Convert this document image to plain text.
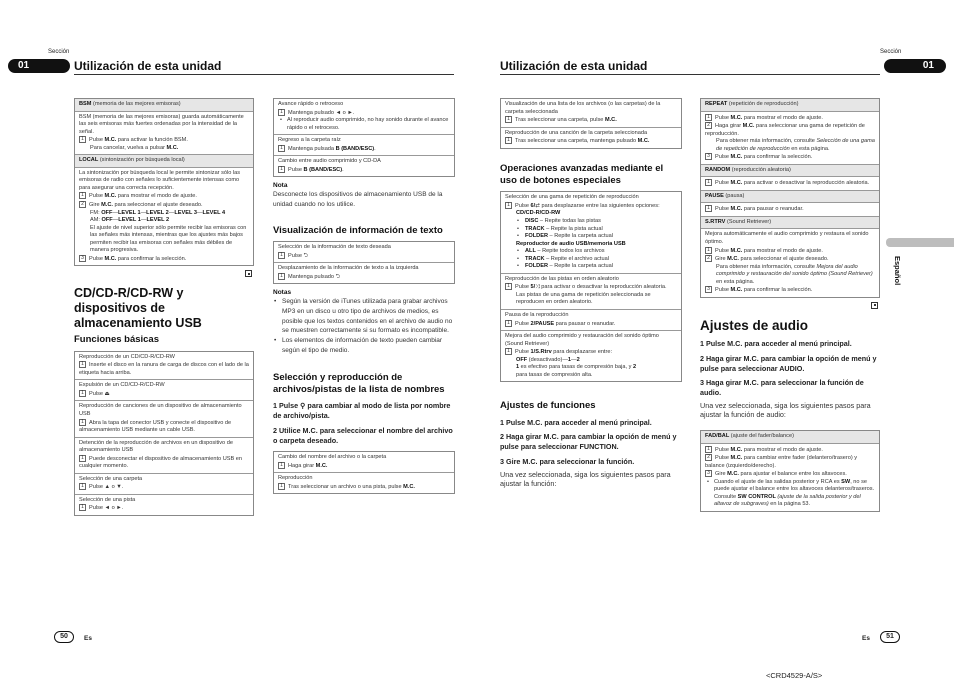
Sección
01	Utilización de esta unidad
Sección
01
Utilización de esta unidad
BSM (memoria de las mejores emisoras)
BSM (memoria de las mejores emisoras) guarda automáticamente las seis emisoras más fuertes ordenadas por la intensidad de la señal.
1 Pulse M.C. para activar la función BSM.
Para cancelar, vuelva a pulsar M.C.
LOCAL (sintonización por búsqueda local)
La sintonización por búsqueda local le permite sintonizar sólo las emisoras de radio con señales lo suficientemente intensas como para asegurar una correcta recepción.
1 Pulse M.C. para mostrar el modo de ajuste.
2 Gire M.C. para seleccionar el ajuste deseado.
FM: OFF—LEVEL 1—LEVEL 2—LEVEL 3—LEVEL 4
AM: OFF—LEVEL 1—LEVEL 2
El ajuste de nivel superior sólo permite recibir las emisoras con las señales más intensas, mientras que los ajustes más bajos permiten recibir las emisoras con señales más débiles de manera progresiva.
3 Pulse M.C. para confirmar la selección.
CD/CD-R/CD-RW y dispositivos de almacenamiento USB
Funciones básicas
Reproducción de un CD/CD-R/CD-RW
1 Inserte el disco en la ranura de carga de discos con el lado de la etiqueta hacia arriba.
Expulsión de un CD/CD-R/CD-RW
1 Pulse ⏏
Reproducción de canciones de un dispositivo de almacenamiento USB
1 Abra la tapa del conector USB y conecte el dispositivo de almacenamiento USB mediante un cable USB.
Detención de la reproducción de archivos en un dispositivo de almacenamiento USB
1 Puede desconectar el dispositivo de almacenamiento USB en cualquier momento.
Selección de una carpeta
1 Pulse ▲ o ▼.
Selección de una pista
1 Pulse ◄ o ►.
Avance rápido o retroceso
1 Mantenga pulsado ◄ o ►.
• Al reproducir audio comprimido, no hay sonido durante el avance rápido o el retroceso.
Regreso a la carpeta raíz
1 Mantenga pulsada B (BAND/ESC).
Cambio entre audio comprimido y CD-DA
1 Pulse B (BAND/ESC).
Nota
Desconecte los dispositivos de almacenamiento USB de la unidad cuando no los utilice.
Visualización de información de texto
Selección de la información de texto deseada
1 Pulse ⮌
Desplazamiento de la información de texto a la izquierda
1 Mantenga pulsado ⮌
Notas
• Según la versión de iTunes utilizada para grabar archivos MP3 en un disco u otro tipo de archivos de medios, es posible que los textos contenidos en el archivo de audio no se muestren correctamente si su formato es incompatible.
• Los elementos de información de texto pueden cambiar según el tipo de medio.
Selección y reproducción de archivos/pistas de la lista de nombres
1 Pulse ⚲ para cambiar al modo de lista por nombre de archivo/pista.
2 Utilice M.C. para seleccionar el nombre del archivo o carpeta deseado.
Cambio del nombre del archivo o la carpeta
1 Haga girar M.C.
Reproducción
1 Tras seleccionar un archivo o una pista, pulse M.C.
Visualización de una lista de los archivos (o las carpetas) de la carpeta seleccionada
1 Tras seleccionar una carpeta, pulse M.C.
Reproducción de una canción de la carpeta seleccionada
1 Tras seleccionar una carpeta, mantenga pulsado M.C.
Operaciones avanzadas mediante el uso de botones especiales
Selección de una gama de repetición de reproducción
1 Pulse 6/⇄ para desplazarse entre las siguientes opciones:
CD/CD-R/CD-RW
• DISC – Repite todas las pistas
• TRACK – Repite la pista actual
• FOLDER – Repite la carpeta actual
Reproductor de audio USB/memoria USB
• ALL – Repite todos los archivos
• TRACK – Repite el archivo actual
• FOLDER – Repite la carpeta actual
Reproducción de las pistas en orden aleatorio
1 Pulse 5/⤨ para activar o desactivar la reproducción aleatoria.
Las pistas de una gama de repetición seleccionada se reproducen en orden aleatorio.
Pausa de la reproducción
1 Pulse 2/PAUSE para pausar o reanudar.
Mejora del audio comprimido y restauración del sonido óptimo (Sound Retriever)
1 Pulse 1/S.Rtrv para desplazarse entre:
OFF (desactivado)—1—2
1 es efectivo para tasas de compresión baja, y 2
para tasas de compresión alta.
Ajustes de funciones
1 Pulse M.C. para acceder al menú principal.
2 Haga girar M.C. para cambiar la opción de menú y pulse para seleccionar FUNCTION.
3 Gire M.C. para seleccionar la función.
Una vez seleccionada, siga los siguientes pasos para ajustar la función:
REPEAT (repetición de reproducción)
1 Pulse M.C. para mostrar el modo de ajuste.
2 Haga girar M.C. para seleccionar una gama de repetición de reproducción.
Para obtener más información, consulte Selección de una gama de repetición de reproducción en esta página.
3 Pulse M.C. para confirmar la selección.
RANDOM (reproducción aleatoria)
1 Pulse M.C. para activar o desactivar la reproducción aleatoria.
PAUSE (pausa)
1 Pulse M.C. para pausar o reanudar.
S.RTRV (Sound Retriever)
Mejora automáticamente el audio comprimido y restaura el sonido óptimo.
1 Pulse M.C. para mostrar el modo de ajuste.
2 Gire M.C. para seleccionar el ajuste deseado.
Para obtener más información, consulte Mejora del audio comprimido y restauración del sonido óptimo (Sound Retriever) en esta página.
3 Pulse M.C. para confirmar la selección.
Ajustes de audio
1 Pulse M.C. para acceder al menú principal.
2 Haga girar M.C. para cambiar la opción de menú y pulse para seleccionar AUDIO.
3 Haga girar M.C. para seleccionar la función de audio.
Una vez seleccionada, siga los siguientes pasos para ajustar la función de audio:
FAD/BAL (ajuste del fader/balance)
1 Pulse M.C. para mostrar el modo de ajuste.
2 Pulse M.C. para cambiar entre fader (delantero/trasero) y balance (izquierdo/derecho).
3 Gire M.C. para ajustar el balance entre los altavoces.
• Cuando el ajuste de las salidas posterior y RCA es SW, no se puede ajustar el balance entre los altavoces delanteros/traseros. Consulte SW CONTROL (ajuste de la salida posterior y del altavoz de subgraves) en la página 53.
Español
50	Es	Es	51
<CRD4529-A/S>
